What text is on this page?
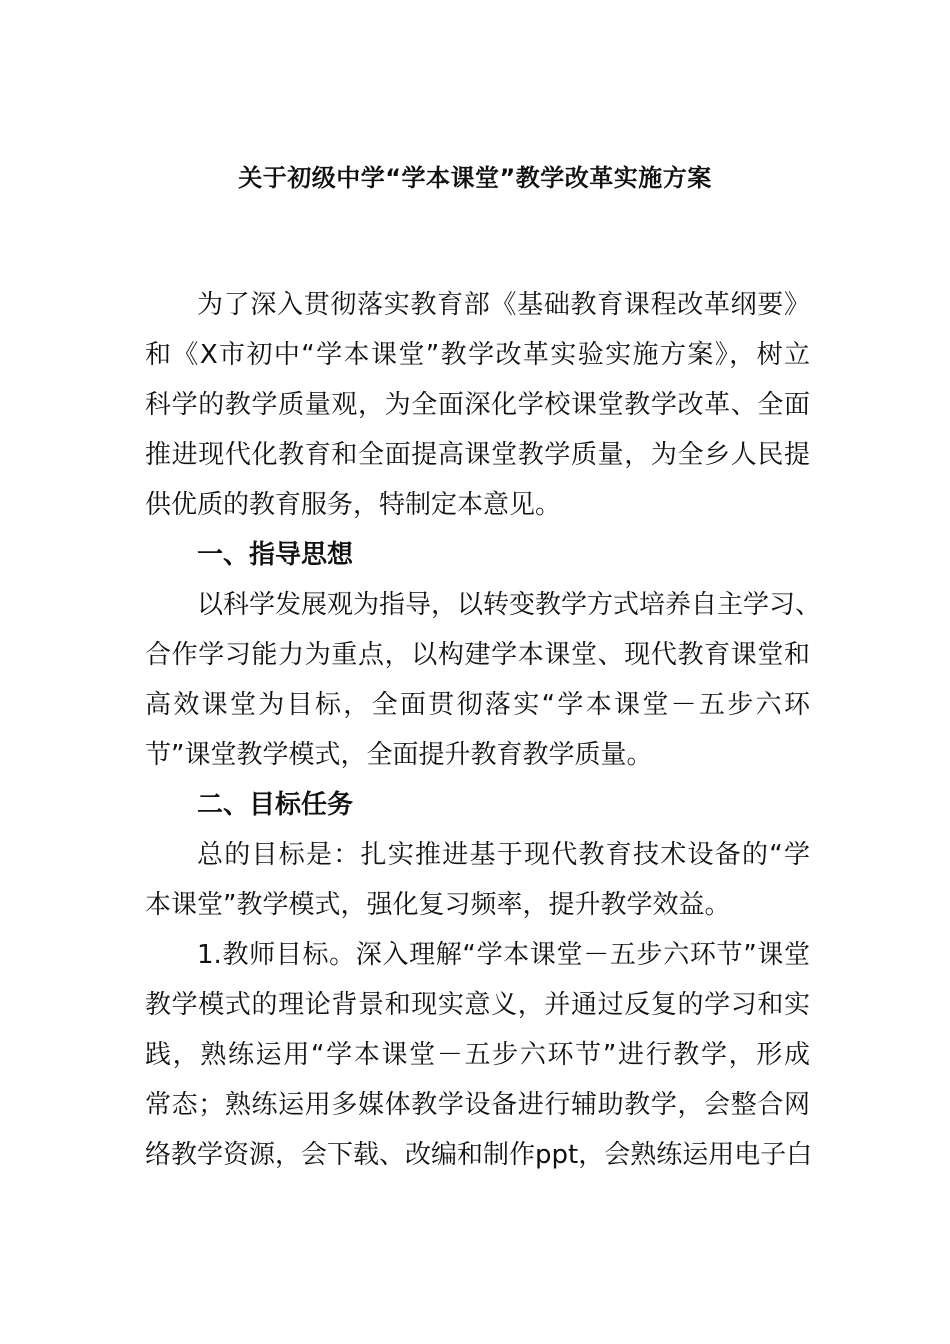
关于初级中学“学本课堂”教学改革实施方案
为了深入贯彻落实教育部《基础教育课程改革纲要》
和《X市初中“学本课堂”教学改革实验实施方案》，树立
科学的教学质量观，为全面深化学校课堂教学改革、全面
推进现代化教育和全面提高课堂教学质量，为全乡人民提
供优质的教育服务，特制定本意见。
一、指导思想
以科学发展观为指导，以转变教学方式培养自主学习、
合作学习能力为重点，以构建学本课堂、现代教育课堂和
高效课堂为目标，全面贯彻落实“学本课堂－五步六环
节”课堂教学模式，全面提升教育教学质量。
二、目标任务
总的目标是：扎实推进基于现代教育技术设备的“学
本课堂”教学模式，强化复习频率，提升教学效益。
1.教师目标。深入理解“学本课堂－五步六环节”课堂
教学模式的理论背景和现实意义，并通过反复的学习和实
践，熟练运用“学本课堂－五步六环节”进行教学，形成
常态；熟练运用多媒体教学设备进行辅助教学，会整合网
络教学资源，会下载、改编和制作ppt，会熟练运用电子白
